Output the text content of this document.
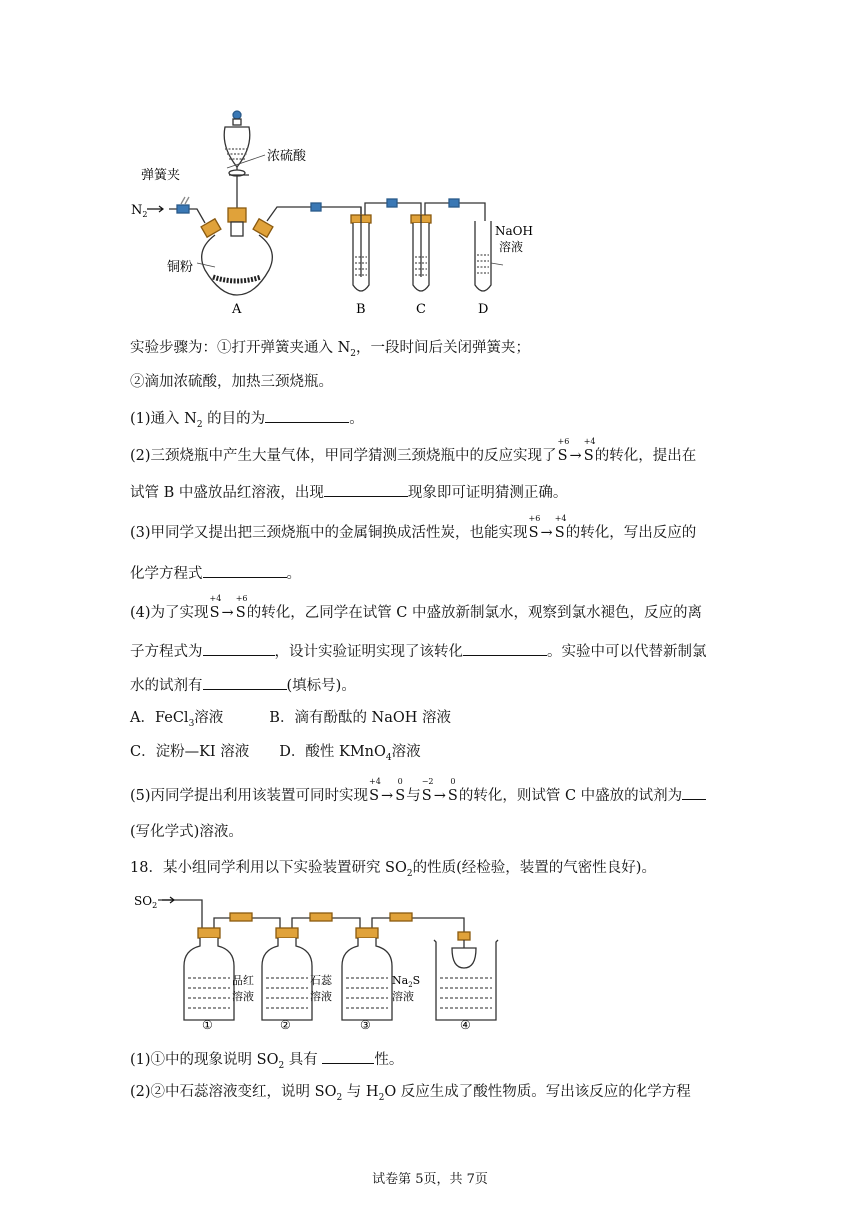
浓硫酸
弹簧夹
$N_2$
铜粉
NaOH
溶液
A	B	C	D
实验步骤为：①打开弹簧夹通入 $N_2$，一段时间后关闭弹簧夹；
②滴加浓硫酸，加热三颈烧瓶。
(1)通入 $N_2$ 的目的为	。
(2)三颈烧瓶中产生大量气体，甲同学猜测三颈烧瓶中的反应实现了
+6
S →
+4
S的转化，提出在
试管 B 中盛放品红溶液，出现	现象即可证明猜测正确。
(3)甲同学又提出把三颈烧瓶中的金属铜换成活性炭，也能实现
+6
S →
+4
S的转化，写出反应的
化学方程式	。
(4)为了实现
+4
S →
+6
S的转化，乙同学在试管 C 中盛放新制氯水，观察到氯水褪色，反应的离
子方程式为	，设计实验证明实现了该转化	。实验中可以代替新制氯
水的试剂有	(填标号)。
A．FeCl$_3$溶液	B．滴有酚酞的 NaOH 溶液
C．淀粉—KI 溶液 D．酸性 KMnO$_4$溶液
(5)丙同学提出利用该装置可同时实现
+4
S →
0
S与
−2
S →
0
S的转化，则试管 C 中盛放的试剂为
(写化学式)溶液。
18．某小组同学利用以下实验装置研究 $SO_2$的性质(经检验，装置的气密性良好)。
$SO_2$
品红
溶液
石蕊
溶液
$Na_2S$
溶液
①	②	③	④
(1)①中的现象说明 $SO_2$ 具有	性。
(2)②中石蕊溶液变红，说明 $SO_2$ 与 $H_2O$ 反应生成了酸性物质。写出该反应的化学方程
试卷第 5页，共 7页
